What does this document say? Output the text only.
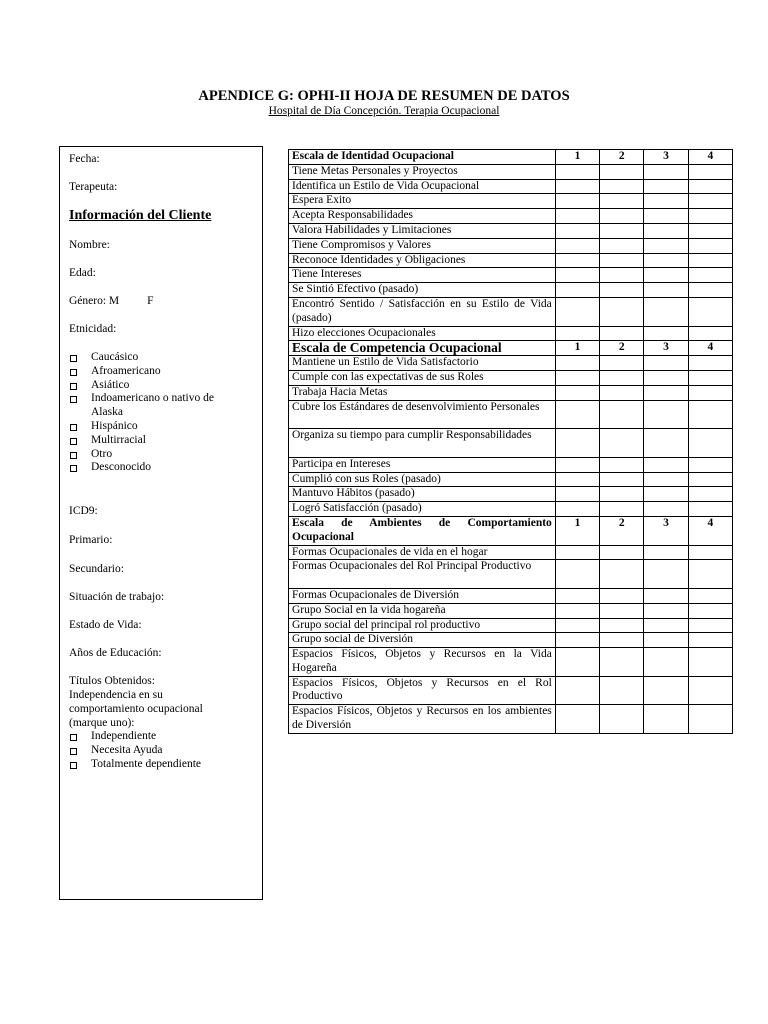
APENDICE G: OPHI-II HOJA DE RESUMEN DE DATOS
Hospital de Día Concepción. Terapia Ocupacional
Fecha:
Terapeuta:
Información del Cliente
Nombre:
Edad:
Género: M F
Etnicidad:
Caucásico
Afroamericano
Asiático
Indoamericano o nativo de Alaska
Hispánico
Multirracial
Otro
Desconocido
ICD9:
Primario:
Secundario:
Situación de trabajo:
Estado de Vida:
Años de Educación:
Títulos Obtenidos:
Independencia en su comportamiento ocupacional (marque uno):
Independiente
Necesita Ayuda
Totalmente dependiente
Escala de Identidad Ocupacional	1	2	3	4
Tiene Metas Personales y Proyectos				
Identifica un Estilo de Vida Ocupacional				
Espera Exito				
Acepta Responsabilidades				
Valora Habilidades y Limitaciones				
Tiene Compromisos y Valores				
Reconoce Identidades y Obligaciones				
Tiene Intereses				
Se Sintió Efectivo (pasado)				
Encontró Sentido / Satisfacción en su Estilo de Vida (pasado)				
Hizo elecciones Ocupacionales				
Escala de Competencia Ocupacional	1	2	3	4
Mantiene un Estilo de Vida Satisfactorio				
Cumple con las expectativas de sus Roles				
Trabaja Hacia Metas				
Cubre los Estándares de desenvolvimiento Personales				
Organiza su tiempo para cumplir Responsabilidades				
Participa en Intereses				
Cumplió con sus Roles (pasado)				
Mantuvo Hábitos (pasado)				
Logró Satisfacción (pasado)				
Escala de Ambientes de Comportamiento Ocupacional	1	2	3	4
Formas Ocupacionales de vida en el hogar				
Formas Ocupacionales del Rol Principal Productivo				
Formas Ocupacionales de Diversión				
Grupo Social en la vida hogareña				
Grupo social del principal rol productivo				
Grupo social de Diversión				
Espacios Físicos, Objetos y Recursos en la Vida Hogareña				
Espacios Físicos, Objetos y Recursos en el Rol Productivo				
Espacios Físicos, Objetos y Recursos en los ambientes de Diversión				
